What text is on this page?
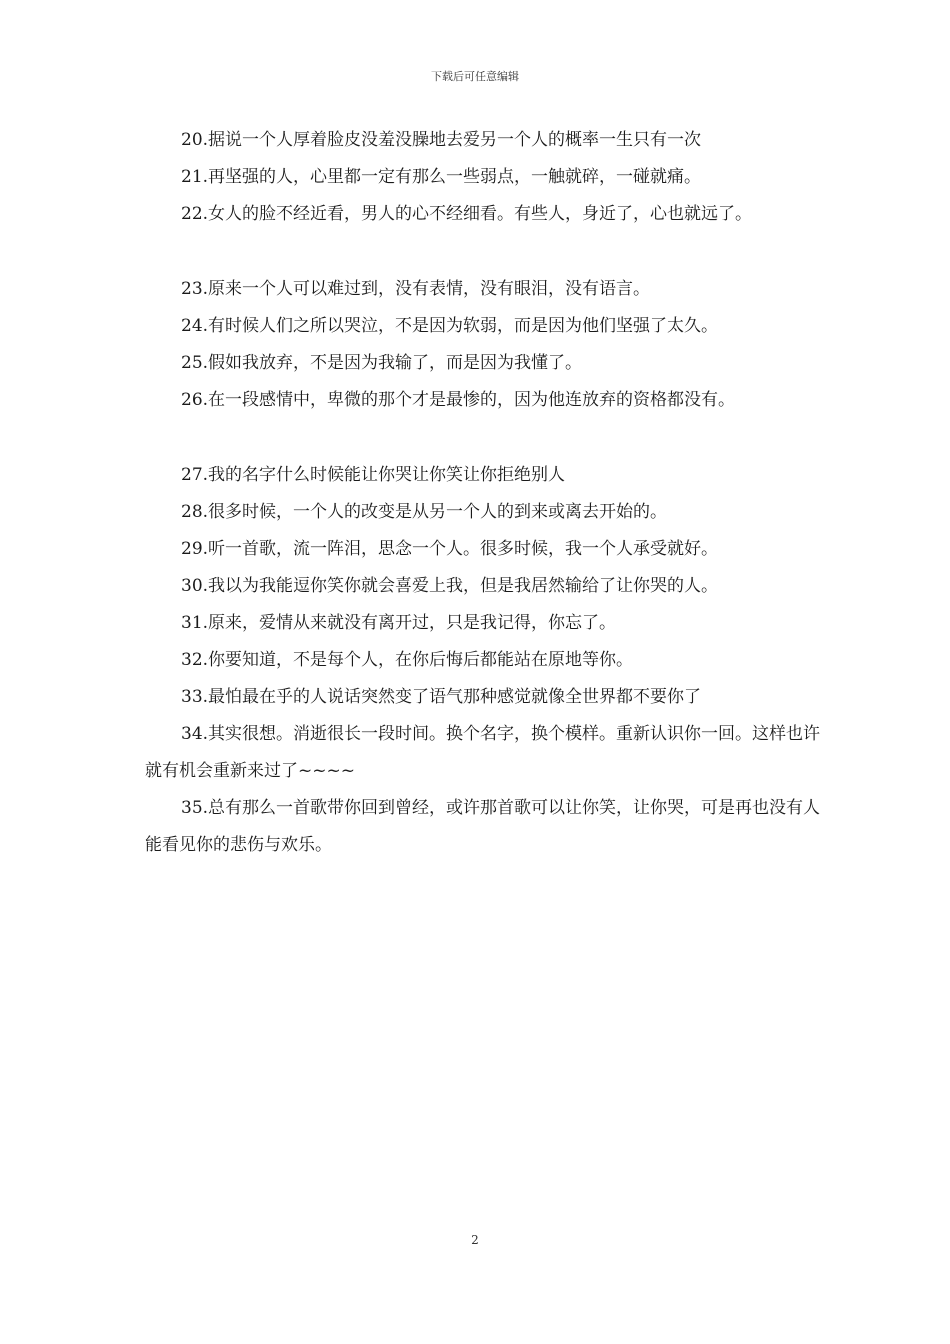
下载后可任意编辑

20.据说一个人厚着脸皮没羞没臊地去爱另一个人的概率一生只有一次

21.再坚强的人，心里都一定有那么一些弱点，一触就碎，一碰就痛。

22.女人的脸不经近看，男人的心不经细看。有些人，身近了，心也就远了。

23.原来一个人可以难过到，没有表情，没有眼泪，没有语言。

24.有时候人们之所以哭泣，不是因为软弱，而是因为他们坚强了太久。

25.假如我放弃，不是因为我输了，而是因为我懂了。

26.在一段感情中，卑微的那个才是最惨的，因为他连放弃的资格都没有。

27.我的名字什么时候能让你哭让你笑让你拒绝别人

28.很多时候，一个人的改变是从另一个人的到来或离去开始的。

29.听一首歌，流一阵泪，思念一个人。很多时候，我一个人承受就好。

30.我以为我能逗你笑你就会喜爱上我，但是我居然输给了让你哭的人。

31.原来，爱情从来就没有离开过，只是我记得，你忘了。

32.你要知道，不是每个人，在你后悔后都能站在原地等你。

33.最怕最在乎的人说话突然变了语气那种感觉就像全世界都不要你了

34.其实很想。消逝很长一段时间。换个名字，换个模样。重新认识你一回。这样也许就有机会重新来过了~~~~

35.总有那么一首歌带你回到曾经，或许那首歌可以让你笑，让你哭，可是再也没有人能看见你的悲伤与欢乐。

2
